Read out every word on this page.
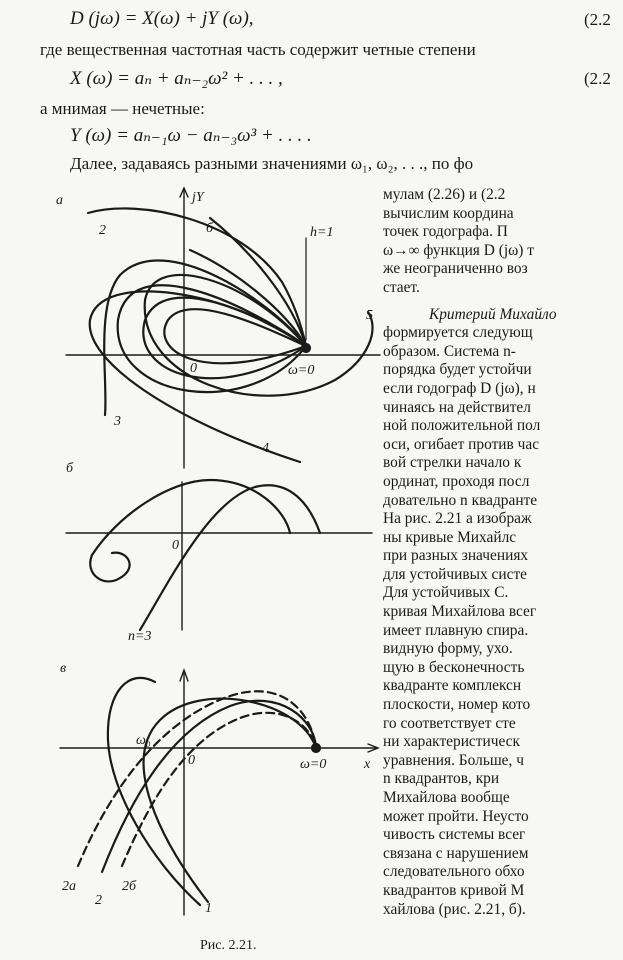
D (jω) = X(ω) + jY (ω),	(2.2
где вещественная частотная часть содержит четные степени
X (ω) = aₙ + aₙ₋₂ω² + . . . ,	(2.2
а мнимая — нечетные:
Y (ω) = aₙ₋₁ω − aₙ₋₃ω³ + . . . .
Далее, задаваясь разными значениями ω₁, ω₂, . . ., по фо
мулам (2.26) и (2.2
вычислим координа
точек годографа. П
ω→∞ функция D (jω) т
же неограниченно воз
стает.
Критерий Михайло
формируется следующ
образом. Система n-
порядка будет устойчи
если годограф D (jω), н
чинаясь на действител
ной положительной пол
оси, огибает против час
вой стрелки начало к
ординат, проходя посл
довательно n квадранте
На рис. 2.21 a изображ
ны кривые Михайлс
при разных значениях
для устойчивых систе
Для устойчивых С.
кривая Михайлова всег
имеет плавную спира.
видную форму, ухо.
щую в бесконечность
квадранте комплексн
плоскости, номер кото
го соответствует сте
ни характеристическ
уравнения. Больше, ч
n квадрантов, кри
Михайлова вообще
может пройти. Неусто
чивость системы всег
связана с нарушением
следовательного обхо
квадрантов кривой М
хайлова (рис. 2.21, б).
а	jY
0	ω=0
2	б	h=1
5
3
4
б
0
n=3
в
0	ω=0
ω₀
x
2а	2б
2
1
Рис. 2.21.
